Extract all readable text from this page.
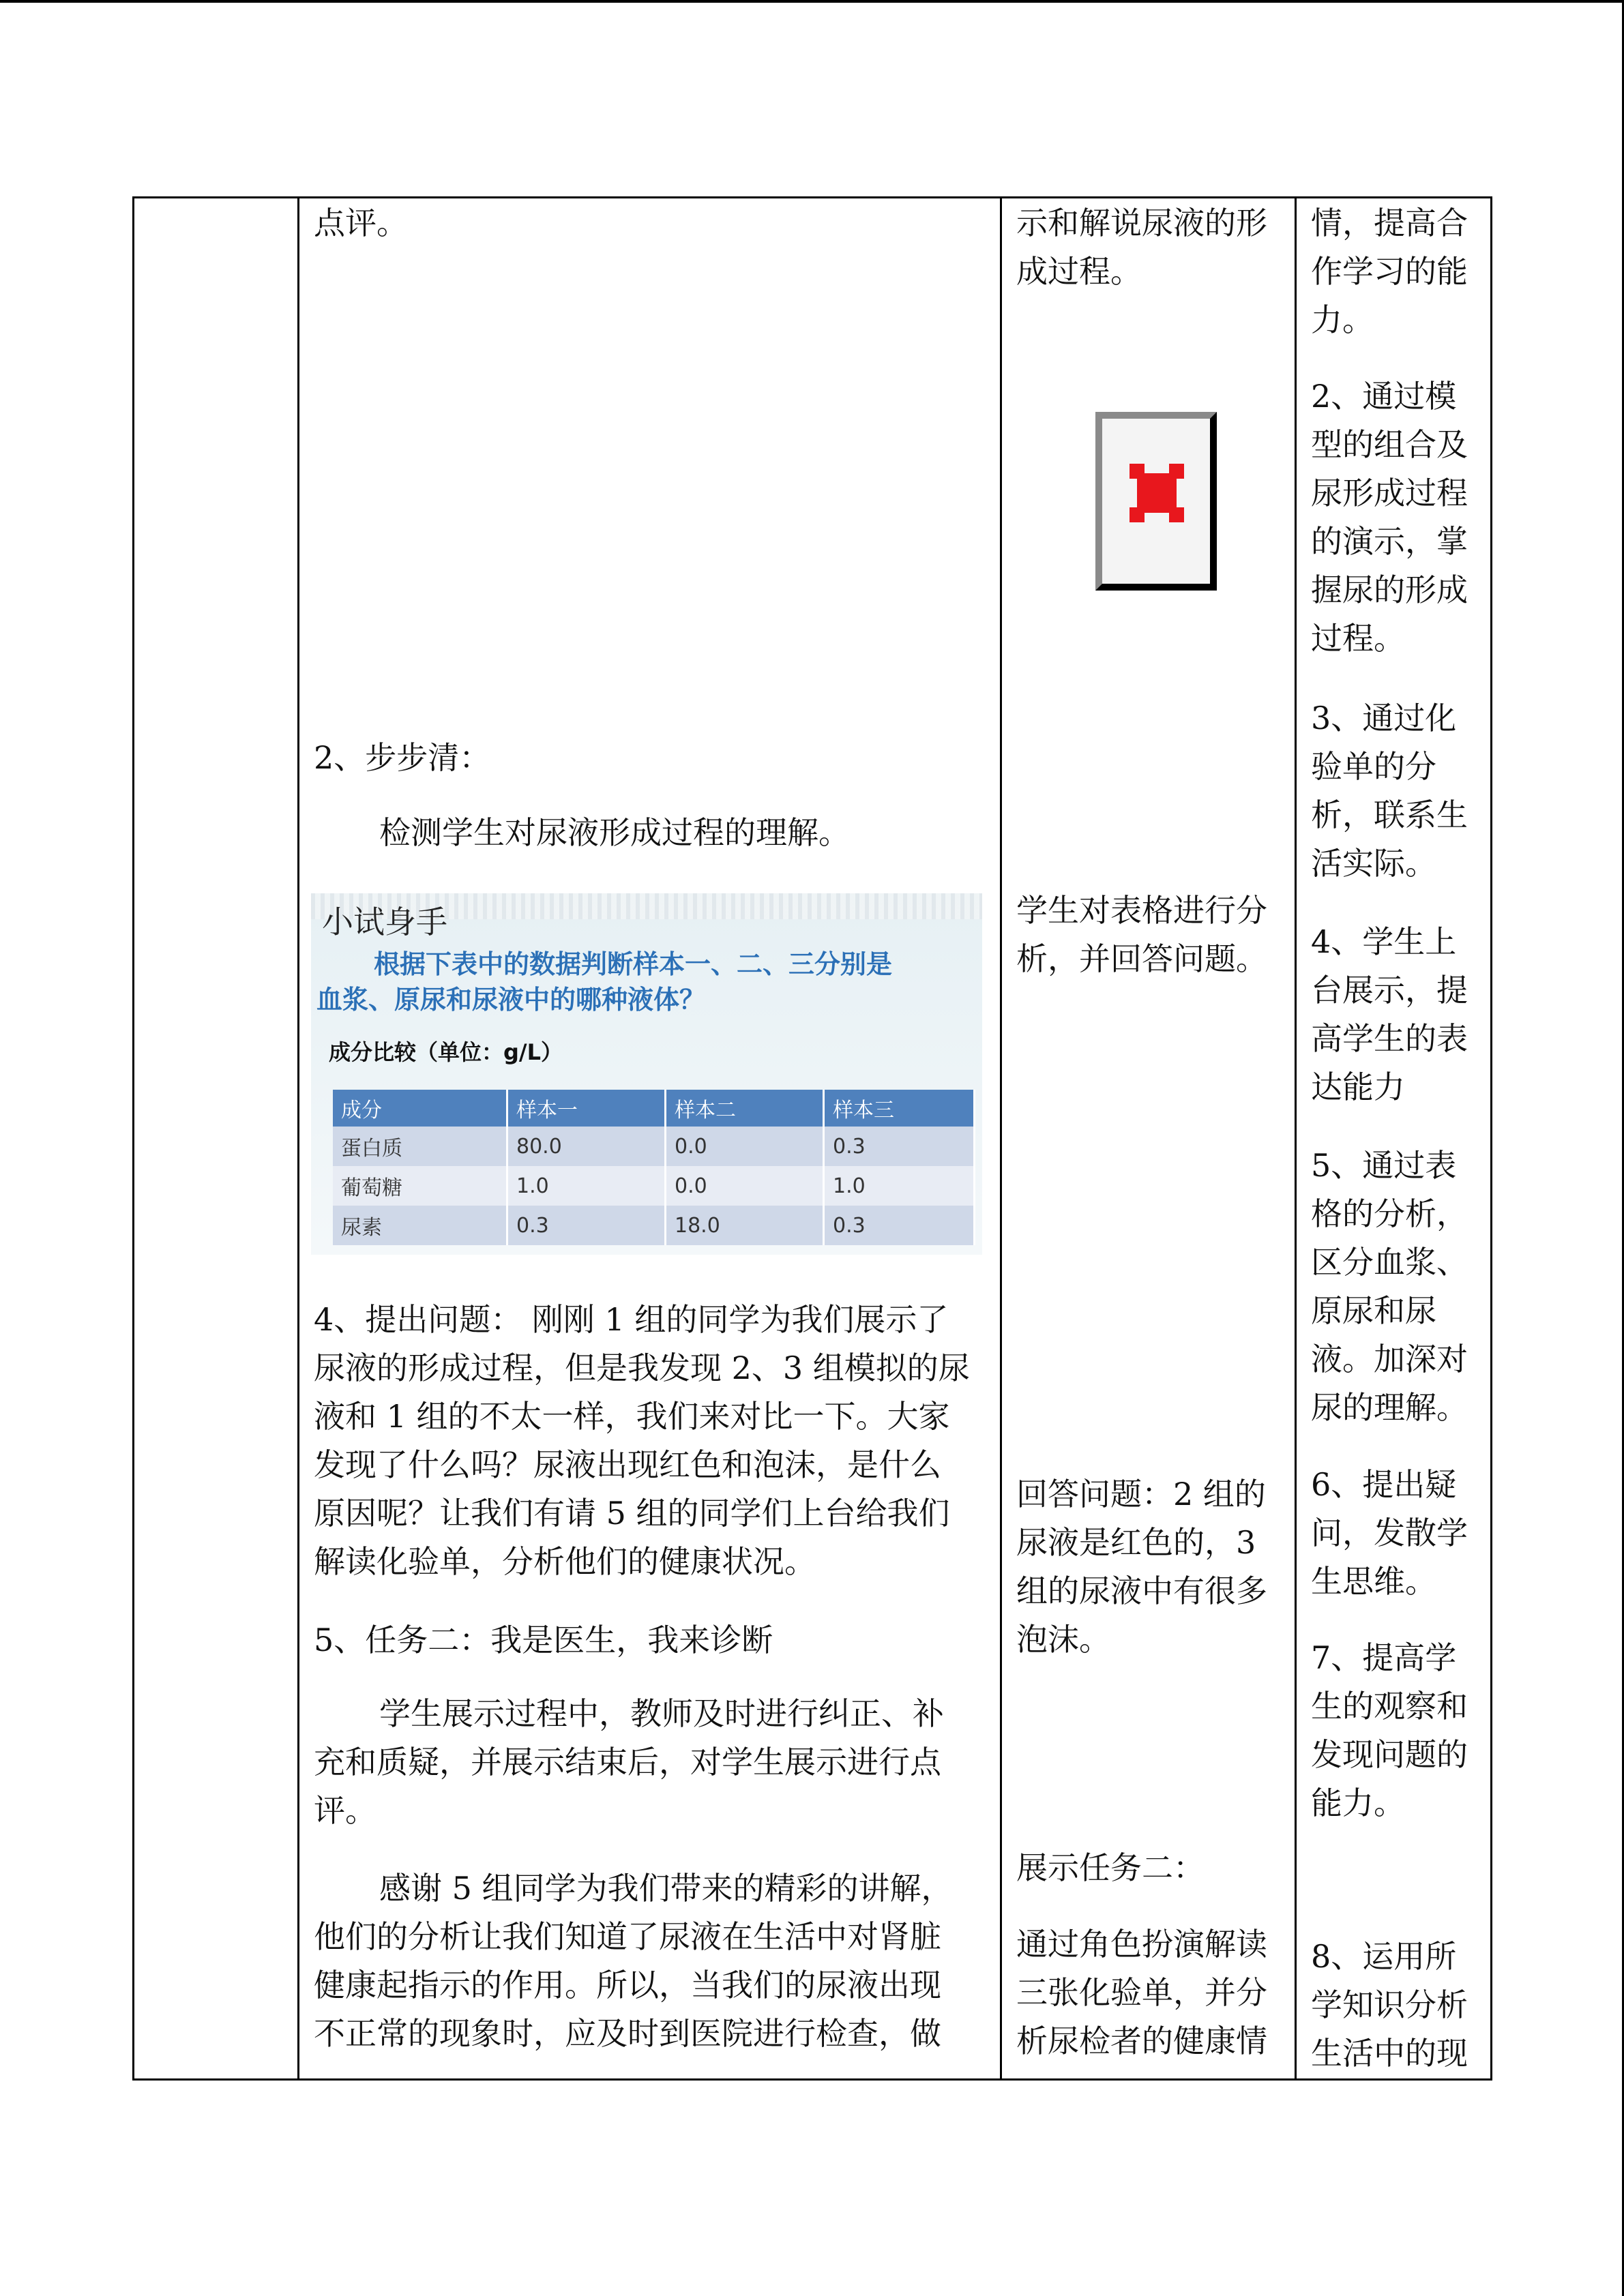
点评。
2、步步清：
检测学生对尿液形成过程的理解。
小试身手
根据下表中的数据判断样本一、二、三分别是
血浆、原尿和尿液中的哪种液体？
成分比较（单位：g/L）
成分	样本一	样本二	样本三
蛋白质	80.0	0.0	0.3
葡萄糖	1.0	0.0	1.0
尿素	0.3	18.0	0.3
4、提出问题： 刚刚 1 组的同学为我们展示了
尿液的形成过程，但是我发现 2、3 组模拟的尿
液和 1 组的不太一样，我们来对比一下。大家
发现了什么吗？尿液出现红色和泡沫，是什么
原因呢？让我们有请 5 组的同学们上台给我们
解读化验单，分析他们的健康状况。
5、任务二：我是医生，我来诊断
学生展示过程中，教师及时进行纠正、补
充和质疑，并展示结束后，对学生展示进行点
评。
感谢 5 组同学为我们带来的精彩的讲解，
他们的分析让我们知道了尿液在生活中对肾脏
健康起指示的作用。所以，当我们的尿液出现
不正常的现象时，应及时到医院进行检查，做
示和解说尿液的形
成过程。
学生对表格进行分
析，并回答问题。
回答问题：2 组的
尿液是红色的，3
组的尿液中有很多
泡沫。
展示任务二：
通过角色扮演解读
三张化验单，并分
析尿检者的健康情
情，提高合
作学习的能
力。
2、通过模
型的组合及
尿形成过程
的演示，掌
握尿的形成
过程。
3、通过化
验单的分
析，联系生
活实际。
4、学生上
台展示，提
高学生的表
达能力
5、通过表
格的分析，
区分血浆、
原尿和尿
液。加深对
尿的理解。
6、提出疑
问，发散学
生思维。
7、提高学
生的观察和
发现问题的
能力。
8、运用所
学知识分析
生活中的现
